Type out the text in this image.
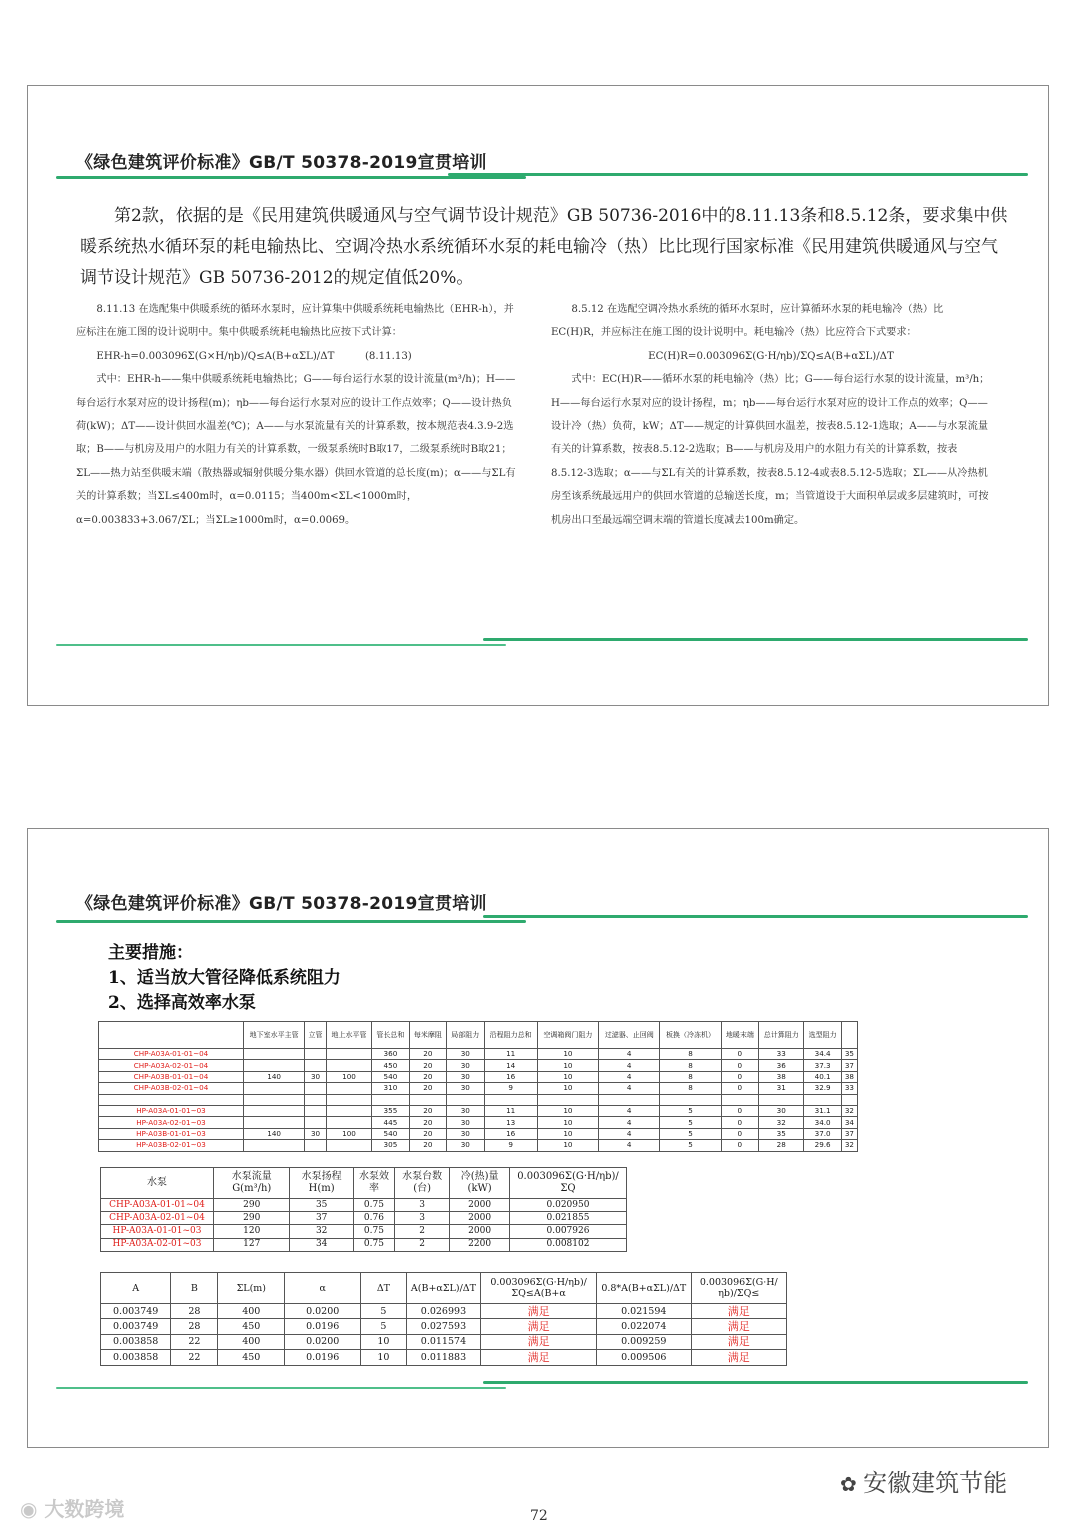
《绿色建筑评价标准》GB/T 50378-2019宣贯培训
第2款，依据的是《民用建筑供暖通风与空气调节设计规范》GB 50736-2016中的8.11.13条和8.5.12条，要求集中供暖系统热水循环泵的耗电输热比、空调冷热水系统循环水泵的耗电输冷（热）比比现行国家标准《民用建筑供暖通风与空气调节设计规范》GB 50736-2012的规定值低20%。

8.11.13 在选配集中供暖系统的循环水泵时，应计算集中供暖系统耗电输热比（EHR-h），并应标注在施工图的设计说明中。集中供暖系统耗电输热比应按下式计算：

EHR-h=0.003096Σ(G×H/ηb)/Q≤A(B+αΣL)/ΔT　　　(8.11.13)

式中：EHR-h——集中供暖系统耗电输热比；G——每台运行水泵的设计流量(m³/h)；H——每台运行水泵对应的设计扬程(m)；ηb——每台运行水泵对应的设计工作点效率；Q——设计热负荷(kW)；ΔT——设计供回水温差(℃)；A——与水泵流量有关的计算系数，按本规范表4.3.9-2选取；B——与机房及用户的水阻力有关的计算系数，一级泵系统时B取17，二级泵系统时B取21；ΣL——热力站至供暖末端（散热器或辐射供暖分集水器）供回水管道的总长度(m)；α——与ΣL有关的计算系数；当ΣL≤400m时，α=0.0115；当400m<ΣL<1000m时，α=0.003833+3.067/ΣL；当ΣL≥1000m时，α=0.0069。

8.5.12 在选配空调冷热水系统的循环水泵时，应计算循环水泵的耗电输冷（热）比EC(H)R，并应标注在施工图的设计说明中。耗电输冷（热）比应符合下式要求：

EC(H)R=0.003096Σ(G·H/ηb)/ΣQ≤A(B+αΣL)/ΔT

式中：EC(H)R——循环水泵的耗电输冷（热）比；G——每台运行水泵的设计流量，m³/h；H——每台运行水泵对应的设计扬程，m；ηb——每台运行水泵对应的设计工作点的效率；Q——设计冷（热）负荷，kW；ΔT——规定的计算供回水温差，按表8.5.12-1选取；A——与水泵流量有关的计算系数，按表8.5.12-2选取；B——与机房及用户的水阻力有关的计算系数，按表8.5.12-3选取；α——与ΣL有关的计算系数，按表8.5.12-4或表8.5.12-5选取；ΣL——从冷热机房至该系统最远用户的供回水管道的总输送长度，m；当管道设于大面积单层或多层建筑时，可按机房出口至最远端空调末端的管道长度减去100m确定。

《绿色建筑评价标准》GB/T 50378-2019宣贯培训
主要措施：
1、适当放大管径降低系统阻力
2、选择高效率水泵
	地下室水平主管	立管	地上水平管	管长总和	每米摩阻	局部阻力	沿程阻力总和	空调箱阀门阻力	过滤器、止回阀	板换（冷冻机）	地暖末端	总计算阻力	选型阻力	
CHP-A03A-01-01~04				360	20	30	11	10	4	8	0	33	34.4	35
CHP-A03A-02-01~04				450	20	30	14	10	4	8	0	36	37.3	37
CHP-A03B-01-01~04	140	30	100	540	20	30	16	10	4	8	0	38	40.1	38
CHP-A03B-02-01~04				310	20	30	9	10	4	8	0	31	32.9	33

HP-A03A-01-01~03				355	20	30	11	10	4	5	0	30	31.1	32
HP-A03A-02-01~03				445	20	30	13	10	4	5	0	32	34.0	34
HP-A03B-01-01~03	140	30	100	540	20	30	16	10	4	5	0	35	37.0	37
HP-A03B-02-01~03				305	20	30	9	10	4	5	0	28	29.6	32
水泵	水泵流量G(m³/h)	水泵扬程H(m)	水泵效率	水泵台数(台)	冷(热)量(kW)	0.003096Σ(G·H/ηb)/ΣQ
CHP-A03A-01-01~04	290	35	0.75	3	2000	0.020950
CHP-A03A-02-01~04	290	37	0.76	3	2000	0.021855
HP-A03A-01-01~03	120	32	0.75	2	2000	0.007926
HP-A03A-02-01~03	127	34	0.75	2	2200	0.008102
A	B	ΣL(m)	α	ΔT	A(B+αΣL)/ΔT	0.003096Σ(G·H/ηb)/ΣQ≤A(B+α	0.8*A(B+αΣL)/ΔT	0.003096Σ(G·H/ηb)/ΣQ≤
0.003749	28	400	0.0200	5	0.026993	满足	0.021594	满足
0.003749	28	450	0.0196	5	0.027593	满足	0.022074	满足
0.003858	22	400	0.0200	10	0.011574	满足	0.009259	满足
0.003858	22	450	0.0196	10	0.011883	满足	0.009506	满足
◉ 大数跨境
✿ 安徽建筑节能
72
